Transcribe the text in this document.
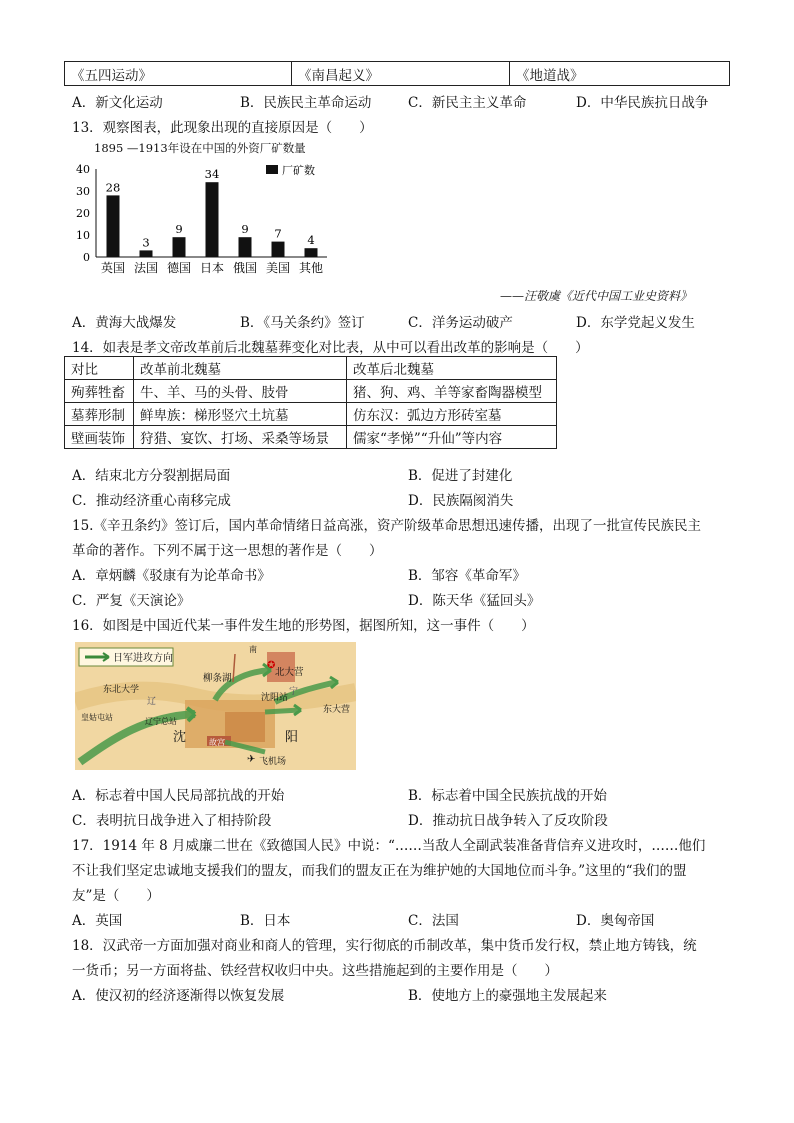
《五四运动》	《南昌起义》	《地道战》
A．新文化运动	B．民族民主革命运动	C．新民主主义革命	D．中华民族抗日战争
13．观察图表，此现象出现的直接原因是（　　）
1895 —1913年设在中国的外资厂矿数量
0
10
20
30
40
28
英国
3
法国
9
德国
34
日本
9
俄国
7
美国
4
其他
厂矿数
——汪敬虞《近代中国工业史资料》
A．黄海大战爆发	B．《马关条约》签订	C．洋务运动破产	D．东学党起义发生
14．如表是孝文帝改革前后北魏墓葬变化对比表，从中可以看出改革的影响是（　　）
对比	改革前北魏墓	改革后北魏墓
殉葬牲畜	牛、羊、马的头骨、肢骨	猪、狗、鸡、羊等家畜陶器模型
墓葬形制	鲜卑族：梯形竖穴土坑墓	仿东汉：弧边方形砖室墓
壁画装饰	狩猎、宴饮、打场、采桑等场景	儒家“孝悌”“升仙”等内容
A．结束北方分裂割据局面	B．促进了封建化
C．推动经济重心南移完成	D．民族隔阂消失
15.《辛丑条约》签订后，国内革命情绪日益高涨，资产阶级革命思想迅速传播，出现了一批宣传民族民主
革命的著作。下列不属于这一思想的著作是（　　）
A．章炳麟《驳康有为论革命书》	B．邹容《革命军》
C．严复《天演论》	D．陈天华《猛回头》
16．如图是中国近代某一事件发生地的形势图，据图所知，这一事件（　　）
日军进攻方向
柳条湖
北大营
✪
东北大学
沈阳站
皇姑屯站	辽宁总站
沈	阳
故宫
东大营
✈ 飞机场
南
辽
宁
A．标志着中国人民局部抗战的开始	B．标志着中国全民族抗战的开始
C．表明抗日战争进入了相持阶段	D．推动抗日战争转入了反攻阶段
17．1914 年 8 月威廉二世在《致德国人民》中说：“……当敌人全副武装准备背信弃义进攻时，……他们
不让我们坚定忠诚地支援我们的盟友，而我们的盟友正在为维护她的大国地位而斗争。”这里的“我们的盟
友”是（　　）
A．英国	B．日本	C．法国	D．奥匈帝国
18．汉武帝一方面加强对商业和商人的管理，实行彻底的币制改革，集中货币发行权，禁止地方铸钱，统
一货币；另一方面将盐、铁经营权收归中央。这些措施起到的主要作用是（　　）
A．使汉初的经济逐渐得以恢复发展	B．使地方上的豪强地主发展起来
